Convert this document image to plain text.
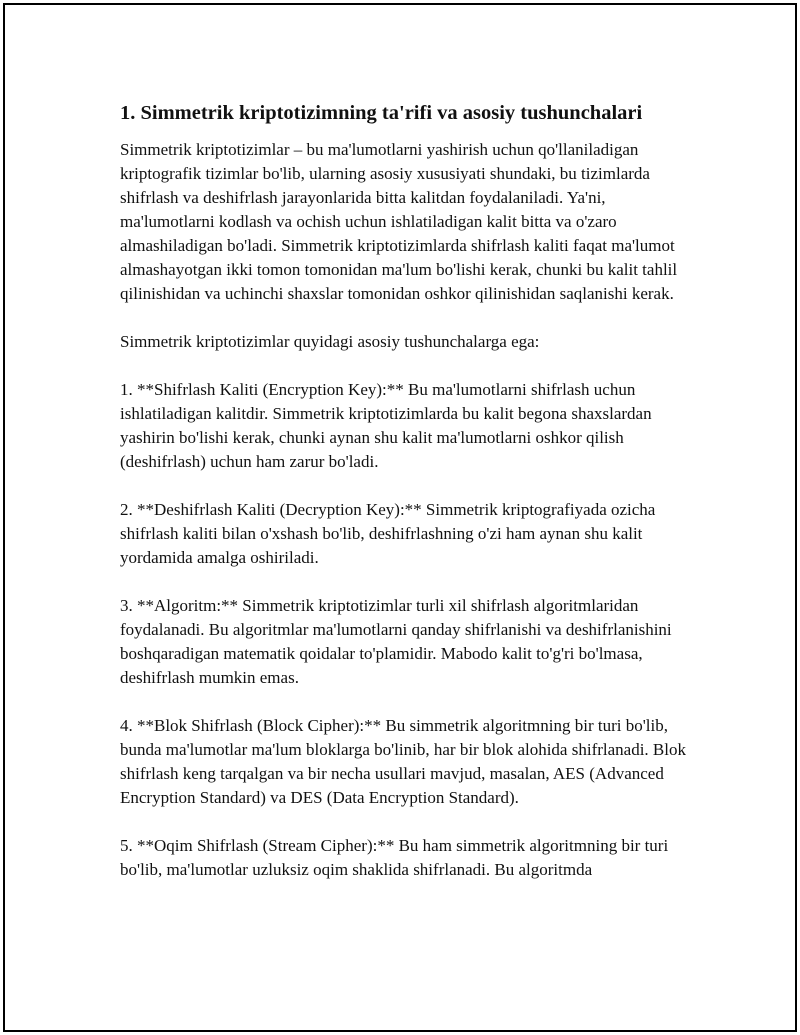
1. Simmetrik kriptotizimning ta'rifi va asosiy tushunchalari

Simmetrik kriptotizimlar – bu ma'lumotlarni yashirish uchun qo'llaniladigan kriptografik tizimlar bo'lib, ularning asosiy xususiyati shundaki, bu tizimlarda shifrlash va deshifrlash jarayonlarida bitta kalitdan foydalaniladi. Ya'ni, ma'lumotlarni kodlash va ochish uchun ishlatiladigan kalit bitta va o'zaro almashiladigan bo'ladi. Simmetrik kriptotizimlarda shifrlash kaliti faqat ma'lumot almashayotgan ikki tomon tomonidan ma'lum bo'lishi kerak, chunki bu kalit tahlil qilinishidan va uchinchi shaxslar tomonidan oshkor qilinishidan saqlanishi kerak.

Simmetrik kriptotizimlar quyidagi asosiy tushunchalarga ega:

1. **Shifrlash Kaliti (Encryption Key):** Bu ma'lumotlarni shifrlash uchun ishlatiladigan kalitdir. Simmetrik kriptotizimlarda bu kalit begona shaxslardan yashirin bo'lishi kerak, chunki aynan shu kalit ma'lumotlarni oshkor qilish (deshifrlash) uchun ham zarur bo'ladi.

2. **Deshifrlash Kaliti (Decryption Key):** Simmetrik kriptografiyada ozicha shifrlash kaliti bilan o'xshash bo'lib, deshifrlashning o'zi ham aynan shu kalit yordamida amalga oshiriladi.

3. **Algoritm:** Simmetrik kriptotizimlar turli xil shifrlash algoritmlaridan foydalanadi. Bu algoritmlar ma'lumotlarni qanday shifrlanishi va deshifrlanishini boshqaradigan matematik qoidalar to'plamidir. Mabodo kalit to'g'ri bo'lmasa, deshifrlash mumkin emas.

4. **Blok Shifrlash (Block Cipher):** Bu simmetrik algoritmning bir turi bo'lib, bunda ma'lumotlar ma'lum bloklarga bo'linib, har bir blok alohida shifrlanadi. Blok shifrlash keng tarqalgan va bir necha usullari mavjud, masalan, AES (Advanced Encryption Standard) va DES (Data Encryption Standard).

5. **Oqim Shifrlash (Stream Cipher):** Bu ham simmetrik algoritmning bir turi bo'lib, ma'lumotlar uzluksiz oqim shaklida shifrlanadi. Bu algoritmda
